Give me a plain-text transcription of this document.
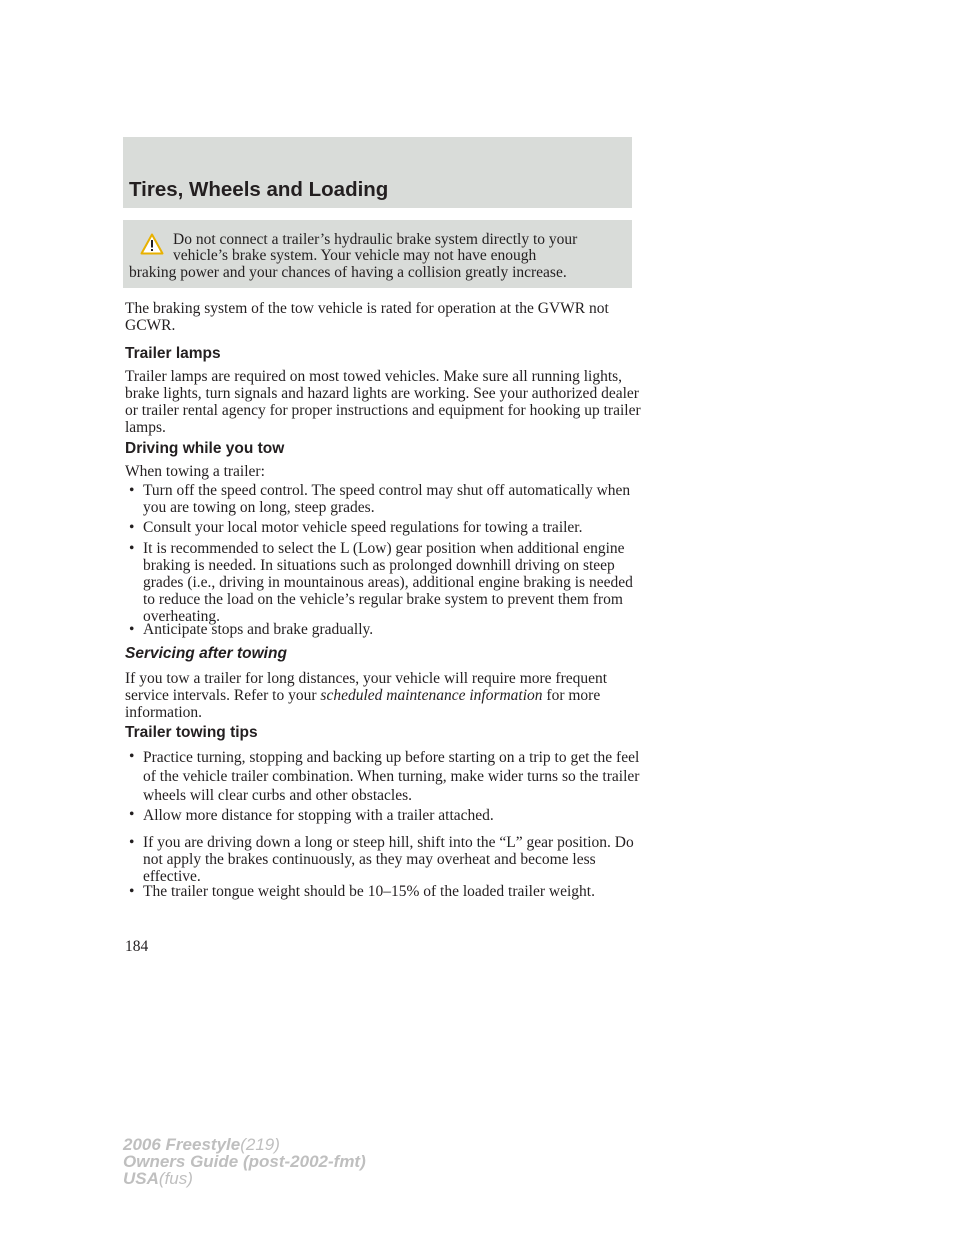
Tires, Wheels and Loading
Do not connect a trailer’s hydraulic brake system directly to your
vehicle’s brake system. Your vehicle may not have enough
braking power and your chances of having a collision greatly increase.

The braking system of the tow vehicle is rated for operation at the GVWR not GCWR.

Trailer lamps

Trailer lamps are required on most towed vehicles. Make sure all running lights, brake lights, turn signals and hazard lights are working. See your authorized dealer or trailer rental agency for proper instructions and equipment for hooking up trailer lamps.

Driving while you tow

When towing a trailer:

• Turn off the speed control. The speed control may shut off automatically when you are towing on long, steep grades.

• Consult your local motor vehicle speed regulations for towing a trailer.

• It is recommended to select the L (Low) gear position when additional engine braking is needed. In situations such as prolonged downhill driving on steep grades (i.e., driving in mountainous areas), additional engine braking is needed to reduce the load on the vehicle’s regular brake system to prevent them from overheating.

• Anticipate stops and brake gradually.

Servicing after towing

If you tow a trailer for long distances, your vehicle will require more frequent service intervals. Refer to your scheduled maintenance information for more information.

Trailer towing tips
• Practice turning, stopping and backing up before starting on a trip to get the feel of the vehicle trailer combination. When turning, make wider turns so the trailer wheels will clear curbs and other obstacles.

• Allow more distance for stopping with a trailer attached.

• If you are driving down a long or steep hill, shift into the “L” gear position. Do not apply the brakes continuously, as they may overheat and become less effective.

• The trailer tongue weight should be 10–15% of the loaded trailer weight.

184
2006 Freestyle(219)
Owners Guide (post-2002-fmt)
USA(fus)
